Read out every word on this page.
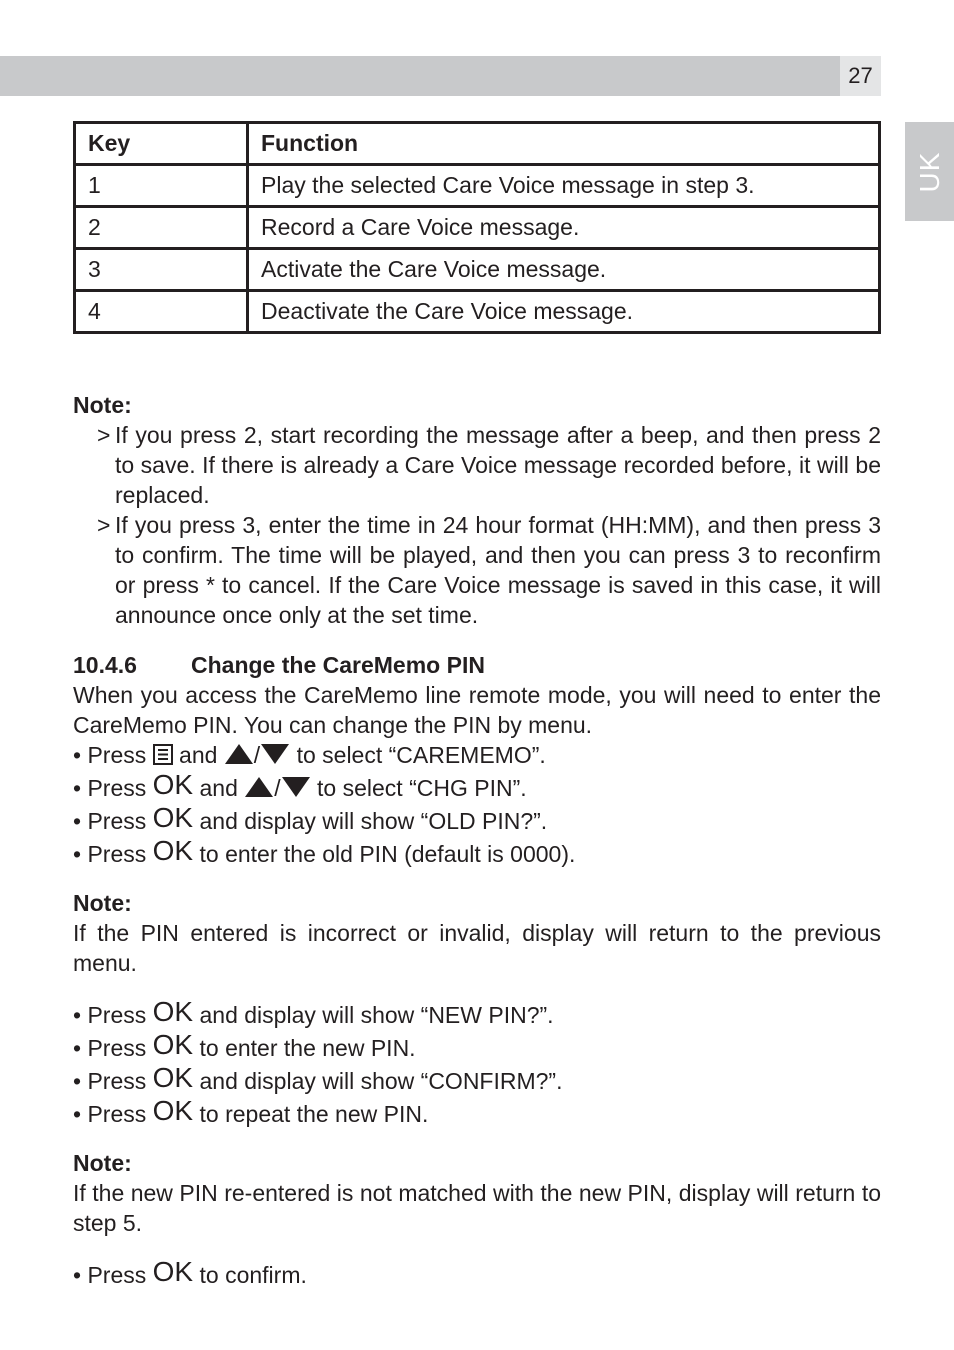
27
UK
Key	Function
1	Play the selected Care Voice message in step 3.
2	Record a Care Voice message.
3	Activate the Care Voice message.
4	Deactivate the Care Voice message.
Note:
> If you press 2, start recording the message after a beep, and then press 2 to save. If there is already a Care Voice message recorded before, it will be replaced.
> If you press 3, enter the time in 24 hour format (HH:MM), and then press 3 to confirm. The time will be played, and then you can press 3 to reconfirm or press * to cancel. If the Care Voice message is saved in this case, it will announce once only at the set time.
10.4.6 Change the CareMemo PIN
When you access the CareMemo line remote mode, you will need to enter the CareMemo PIN. You can change the PIN by menu.
• Press and / to select “CAREMEMO”.
• Press OK and / to select “CHG PIN”.
• Press OK and display will show “OLD PIN?”.
• Press OK to enter the old PIN (default is 0000).
Note:
If the PIN entered is incorrect or invalid, display will return to the previous menu.
• Press OK and display will show “NEW PIN?”.
• Press OK to enter the new PIN.
• Press OK and display will show “CONFIRM?”.
• Press OK to repeat the new PIN.
Note:
If the new PIN re-entered is not matched with the new PIN, display will return to step 5.
• Press OK to confirm.
